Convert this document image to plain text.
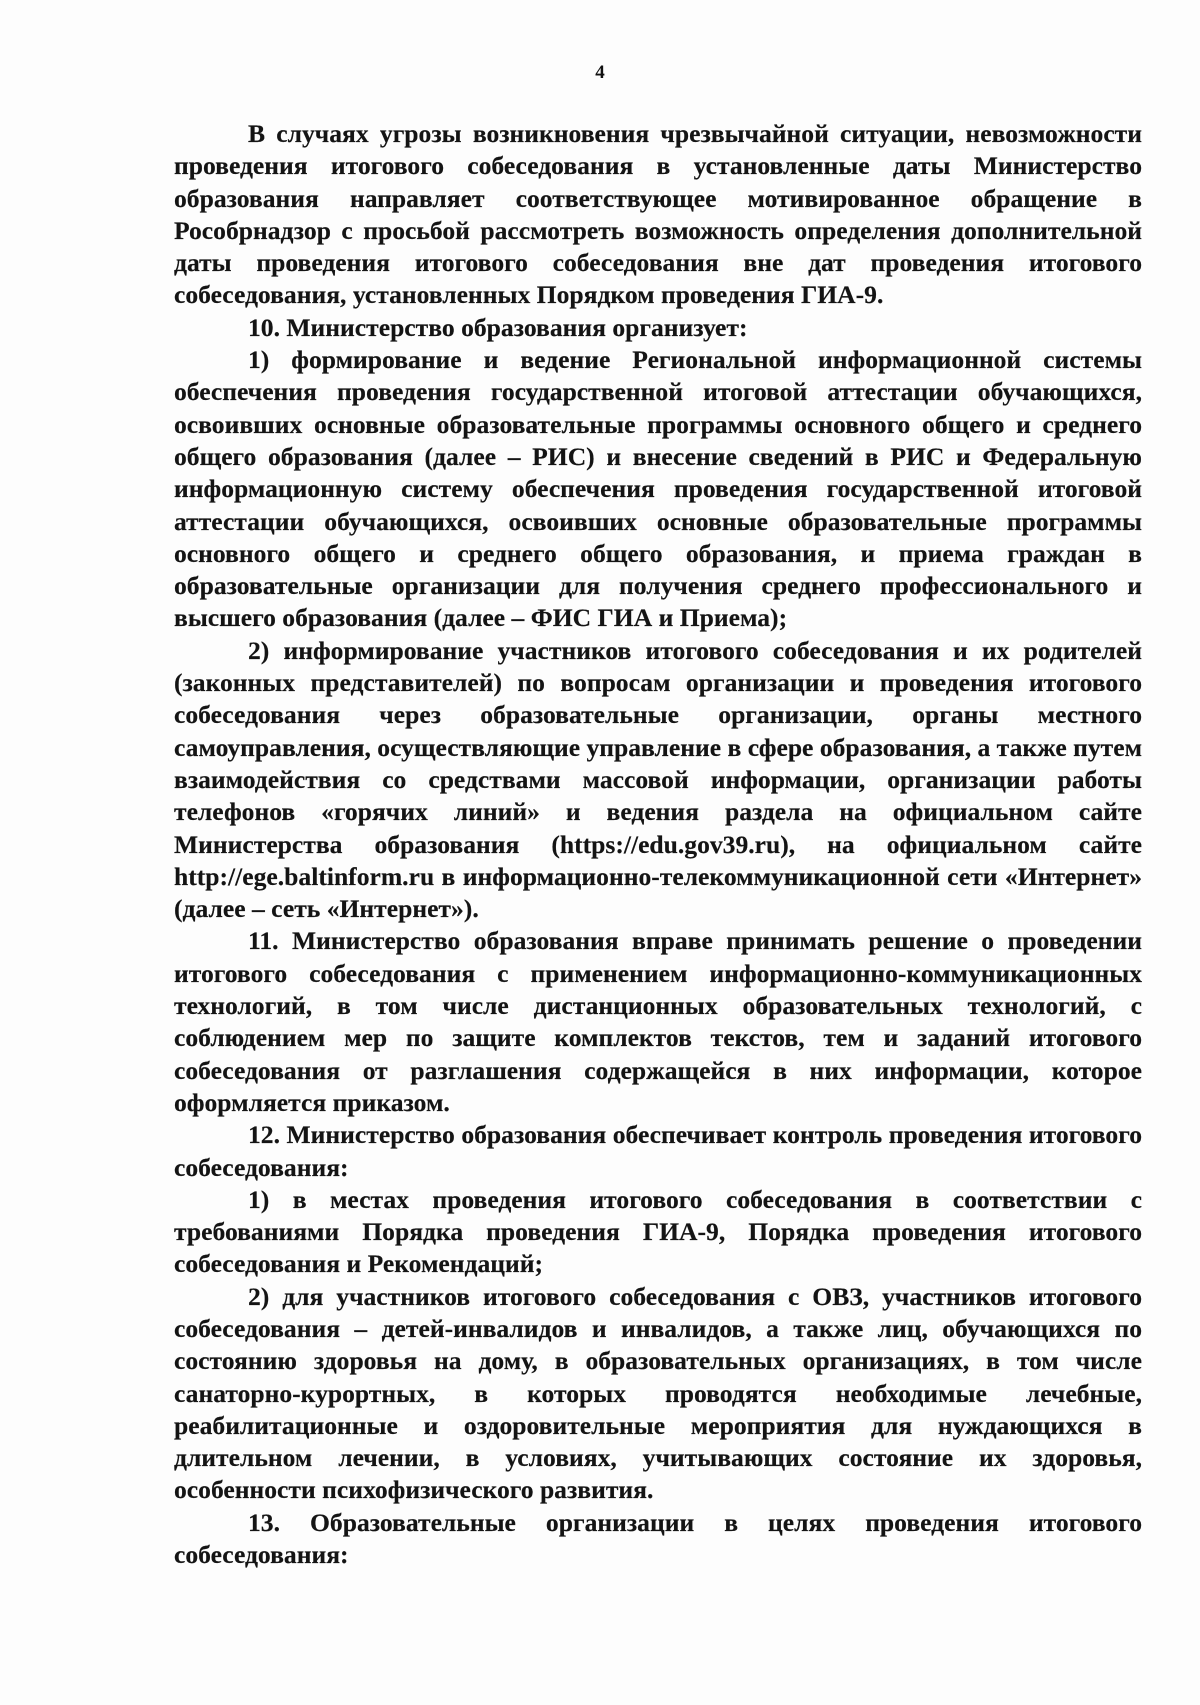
4

В случаях угрозы возникновения чрезвычайной ситуации, невозможности проведения итогового собеседования в установленные даты Министерство образования направляет соответствующее мотивированное обращение в Рособрнадзор с просьбой рассмотреть возможность определения дополнительной даты проведения итогового собеседования вне дат проведения итогового собеседования, установленных Порядком проведения ГИА-9.

10. Министерство образования организует:

1) формирование и ведение Региональной информационной системы обеспечения проведения государственной итоговой аттестации обучающихся, освоивших основные образовательные программы основного общего и среднего общего образования (далее – РИС) и внесение сведений в РИС и Федеральную информационную систему обеспечения проведения государственной итоговой аттестации обучающихся, освоивших основные образовательные программы основного общего и среднего общего образования, и приема граждан в образовательные организации для получения среднего профессионального и высшего образования (далее – ФИС ГИА и Приема);

2) информирование участников итогового собеседования и их родителей (законных представителей) по вопросам организации и проведения итогового собеседования через образовательные организации, органы местного самоуправления, осуществляющие управление в сфере образования, а также путем взаимодействия со средствами массовой информации, организации работы телефонов «горячих линий» и ведения раздела на официальном сайте Министерства образования (https://edu.gov39.ru), на официальном сайте http://ege.baltinform.ru в информационно-телекоммуникационной сети «Интернет» (далее – сеть «Интернет»).

11. Министерство образования вправе принимать решение о проведении итогового собеседования с применением информационно-коммуникационных технологий, в том числе дистанционных образовательных технологий, с соблюдением мер по защите комплектов текстов, тем и заданий итогового собеседования от разглашения содержащейся в них информации, которое оформляется приказом.

12. Министерство образования обеспечивает контроль проведения итогового собеседования:

1) в местах проведения итогового собеседования в соответствии с требованиями Порядка проведения ГИА-9, Порядка проведения итогового собеседования и Рекомендаций;

2) для участников итогового собеседования с ОВЗ, участников итогового собеседования – детей-инвалидов и инвалидов, а также лиц, обучающихся по состоянию здоровья на дому, в образовательных организациях, в том числе санаторно-курортных, в которых проводятся необходимые лечебные, реабилитационные и оздоровительные мероприятия для нуждающихся в длительном лечении, в условиях, учитывающих состояние их здоровья, особенности психофизического развития.

13. Образовательные организации в целях проведения итогового собеседования:
